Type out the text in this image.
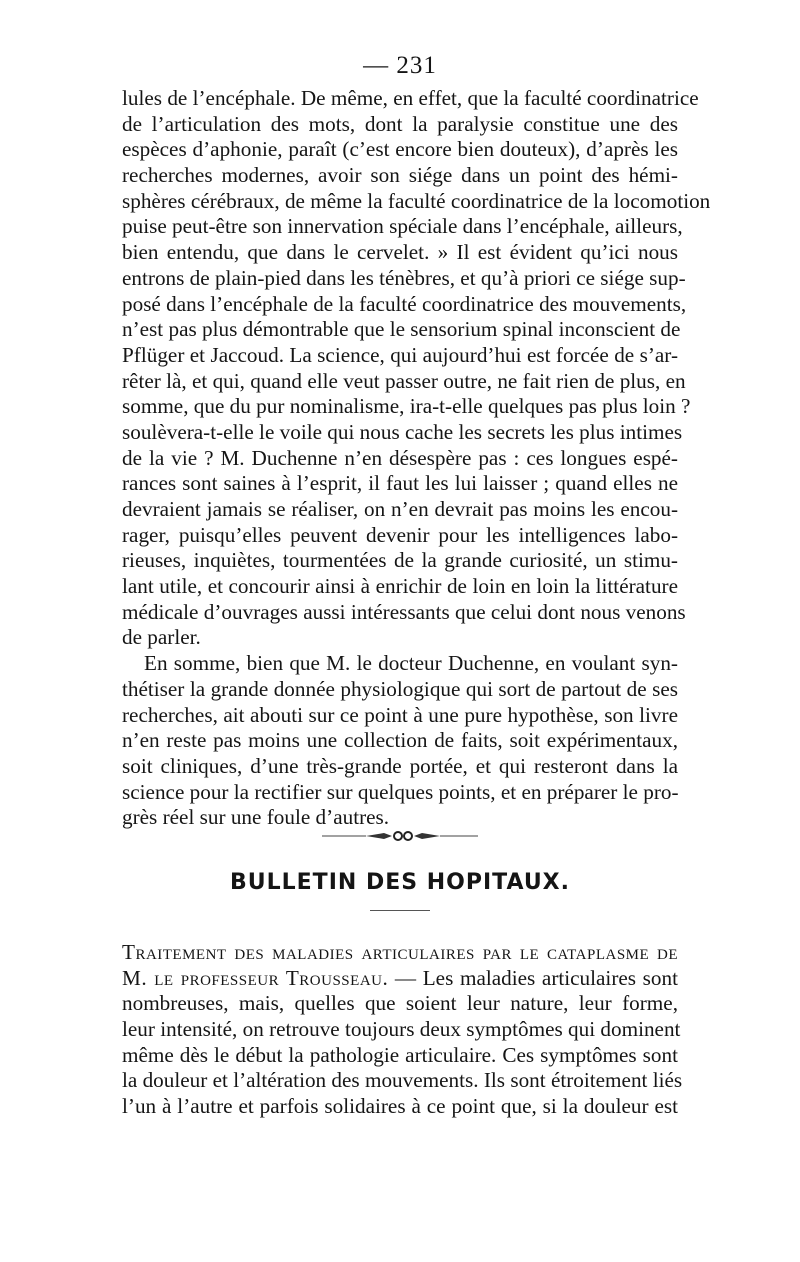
— 231
lules de l’encéphale. De même, en effet, que la faculté coordinatrice
de l’articulation des mots, dont la paralysie constitue une des
espèces d’aphonie, paraît (c’est encore bien douteux), d’après les
recherches modernes, avoir son siége dans un point des hémi-
sphères cérébraux, de même la faculté coordinatrice de la locomotion
puise peut-être son innervation spéciale dans l’encéphale, ailleurs,
bien entendu, que dans le cervelet. » Il est évident qu’ici nous
entrons de plain-pied dans les ténèbres, et qu’à priori ce siége sup-
posé dans l’encéphale de la faculté coordinatrice des mouvements,
n’est pas plus démontrable que le sensorium spinal inconscient de
Pflüger et Jaccoud. La science, qui aujourd’hui est forcée de s’ar-
rêter là, et qui, quand elle veut passer outre, ne fait rien de plus, en
somme, que du pur nominalisme, ira-t-elle quelques pas plus loin ?
soulèvera-t-elle le voile qui nous cache les secrets les plus intimes
de la vie ? M. Duchenne n’en désespère pas : ces longues espé-
rances sont saines à l’esprit, il faut les lui laisser ; quand elles ne
devraient jamais se réaliser, on n’en devrait pas moins les encou-
rager, puisqu’elles peuvent devenir pour les intelligences labo-
rieuses, inquiètes, tourmentées de la grande curiosité, un stimu-
lant utile, et concourir ainsi à enrichir de loin en loin la littérature
médicale d’ouvrages aussi intéressants que celui dont nous venons
de parler.
En somme, bien que M. le docteur Duchenne, en voulant syn-
thétiser la grande donnée physiologique qui sort de partout de ses
recherches, ait abouti sur ce point à une pure hypothèse, son livre
n’en reste pas moins une collection de faits, soit expérimentaux,
soit cliniques, d’une très-grande portée, et qui resteront dans la
science pour la rectifier sur quelques points, et en préparer le pro-
grès réel sur une foule d’autres.
BULLETIN DES HOPITAUX.
Traitement des maladies articulaires par le cataplasme de
M. le professeur Trousseau. — Les maladies articulaires sont
nombreuses, mais, quelles que soient leur nature, leur forme,
leur intensité, on retrouve toujours deux symptômes qui dominent
même dès le début la pathologie articulaire. Ces symptômes sont
la douleur et l’altération des mouvements. Ils sont étroitement liés
l’un à l’autre et parfois solidaires à ce point que, si la douleur est
